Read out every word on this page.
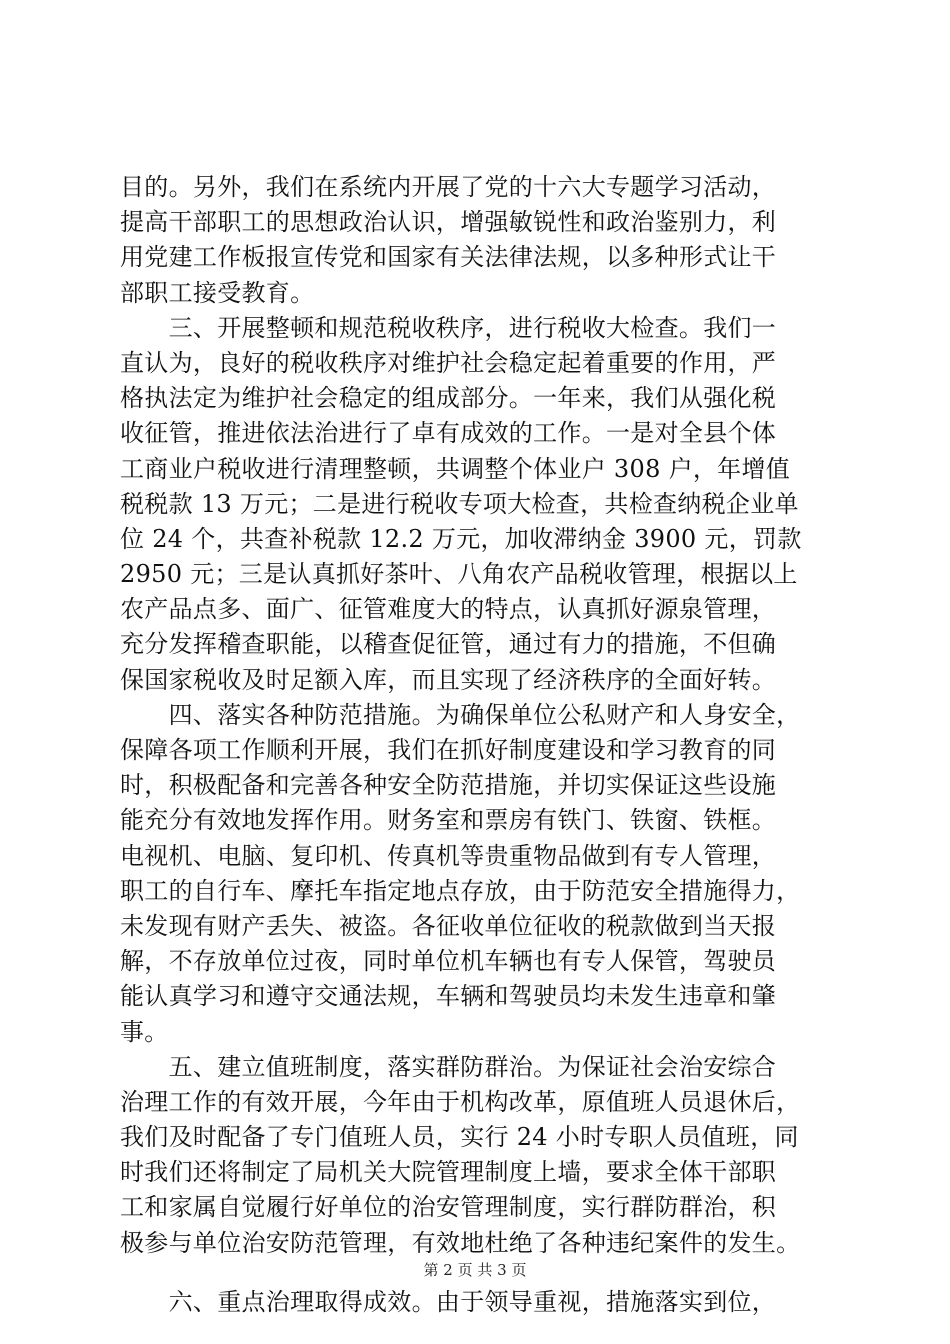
目的。另外，我们在系统内开展了党的十六大专题学习活动，
提高干部职工的思想政治认识，增强敏锐性和政治鉴别力，利
用党建工作板报宣传党和国家有关法律法规，以多种形式让干
部职工接受教育。
　　三、开展整顿和规范税收秩序，进行税收大检查。我们一
直认为，良好的税收秩序对维护社会稳定起着重要的作用，严
格执法定为维护社会稳定的组成部分。一年来，我们从强化税
收征管，推进依法治进行了卓有成效的工作。一是对全县个体
工商业户税收进行清理整顿，共调整个体业户 308 户，年增值
税税款 13 万元；二是进行税收专项大检查，共检查纳税企业单
位 24 个，共查补税款 12.2 万元，加收滞纳金 3900 元，罚款
2950 元；三是认真抓好茶叶、八角农产品税收管理，根据以上
农产品点多、面广、征管难度大的特点，认真抓好源泉管理，
充分发挥稽查职能，以稽查促征管，通过有力的措施，不但确
保国家税收及时足额入库，而且实现了经济秩序的全面好转。
　　四、落实各种防范措施。为确保单位公私财产和人身安全，
保障各项工作顺利开展，我们在抓好制度建设和学习教育的同
时，积极配备和完善各种安全防范措施，并切实保证这些设施
能充分有效地发挥作用。财务室和票房有铁门、铁窗、铁框。
电视机、电脑、复印机、传真机等贵重物品做到有专人管理，
职工的自行车、摩托车指定地点存放，由于防范安全措施得力，
未发现有财产丢失、被盗。各征收单位征收的税款做到当天报
解，不存放单位过夜，同时单位机车辆也有专人保管，驾驶员
能认真学习和遵守交通法规，车辆和驾驶员均未发生违章和肇
事。
　　五、建立值班制度，落实群防群治。为保证社会治安综合
治理工作的有效开展，今年由于机构改革，原值班人员退休后，
我们及时配备了专门值班人员，实行 24 小时专职人员值班，同
时我们还将制定了局机关大院管理制度上墙，要求全体干部职
工和家属自觉履行好单位的治安管理制度，实行群防群治，积
极参与单位治安防范管理，有效地杜绝了各种违纪案件的发生。
　　六、重点治理取得成效。由于领导重视，措施落实到位，
第 2 页 共 3 页
